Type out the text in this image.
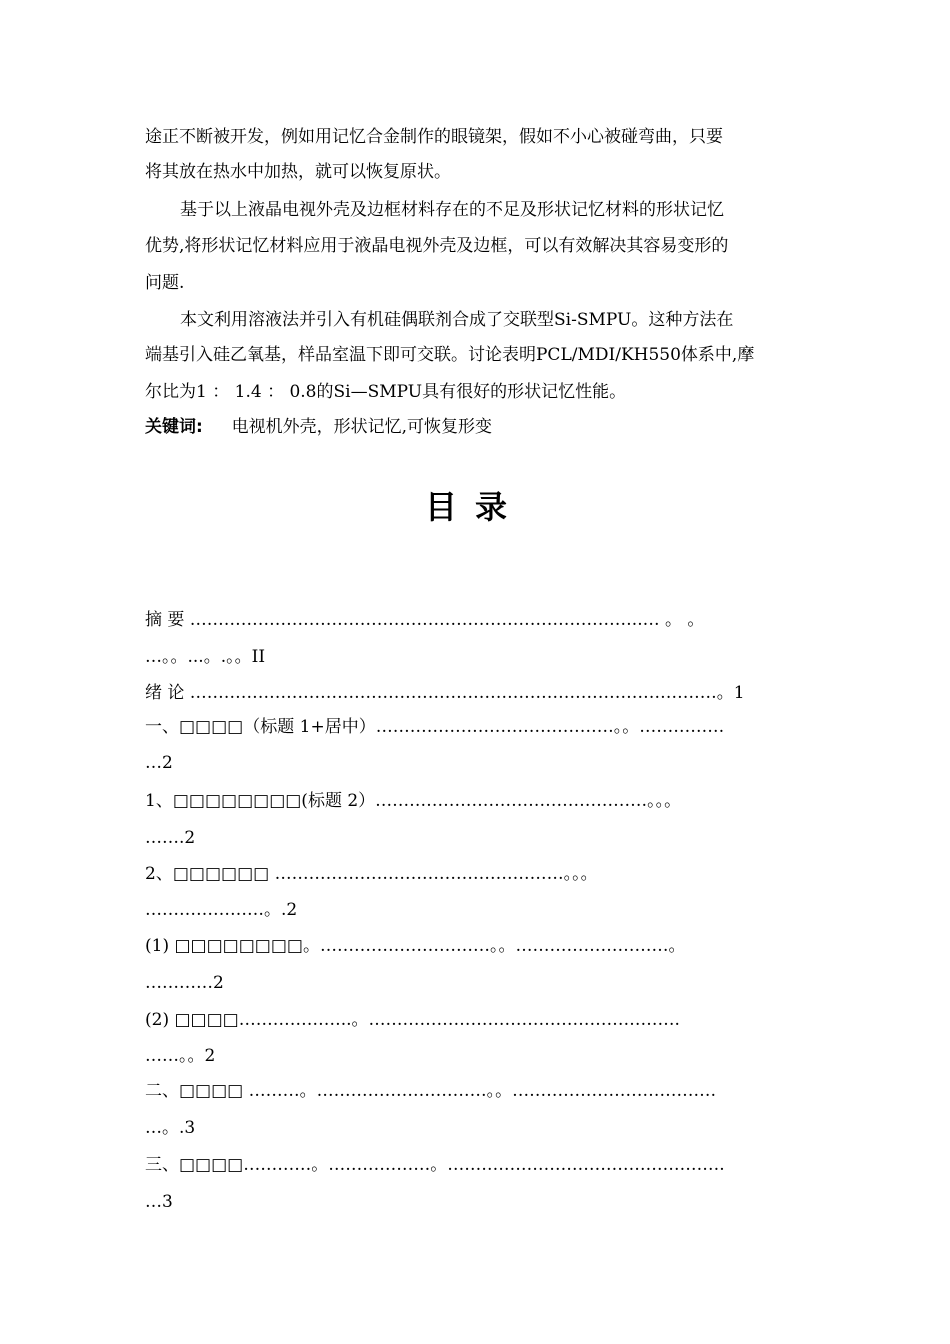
途正不断被开发，例如用记忆合金制作的眼镜架，假如不小心被碰弯曲，只要
将其放在热水中加热，就可以恢复原状。
基于以上液晶电视外壳及边框材料存在的不足及形状记忆材料的形状记忆
优势,将形状记忆材料应用于液晶电视外壳及边框，可以有效解决其容易变形的
问题.
本文利用溶液法并引入有机硅偶联剂合成了交联型Si-SMPU。这种方法在
端基引入硅乙氧基，样品室温下即可交联。讨论表明PCL/MDI/KH550体系中,摩
尔比为1 ： 1.4 ： 0.8的Si—SMPU具有很好的形状记忆性能。
关键词: 电视机外壳，形状记忆,可恢复形变
目录
摘 要 ……………………………………………………………………..… 。 。
…。。...。.。。II
绪 论 …………………………………………………………………………………。1
一、□□□□（标题 1+居中）……………………………………。。……………
…2
1、□□□□□□□□(标题 2）…………………………………………。。。
…….2
2、□□□□□□ ……………………………………………。。。
…………………。.2
(1) □□□□□□□□。…………………………。。………………………。
…………2
(2) □□□□………………..。……………………………………………….
……。。2
二、□□□□ ………。…………………………。。………………………………
…。.3
三、□□□□…………。………………。………………………………………….
…3
